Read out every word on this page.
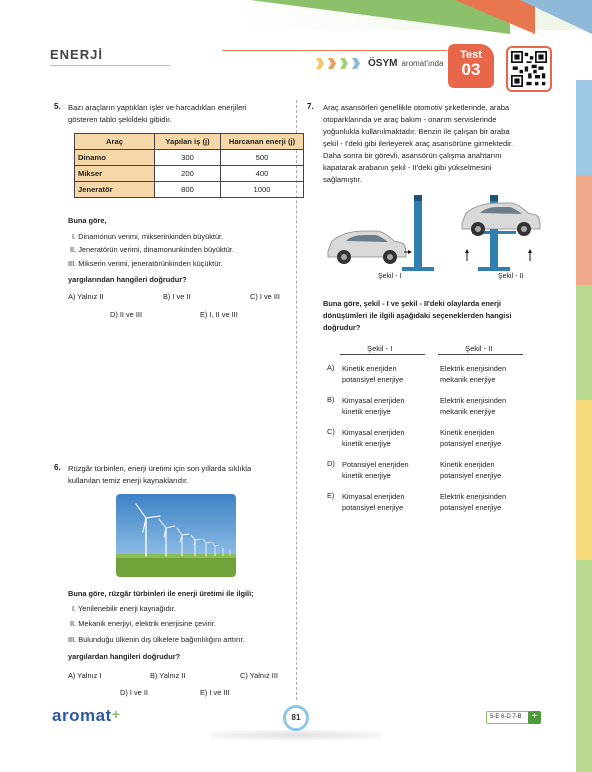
ENERJİ
ÖSYM aromat'ında
Test
03
5. Bazı araçların yaptıkları işler ve harcadıkları enerjileri
gösteren tablo şekildeki gibidir.
Araç	Yapılan iş (j)	Harcanan enerji (j)
Dinamo	300	500
Mikser	200	400
Jeneratör	800	1000
Buna göre,
I. Dinamonun verimi, mikserinkinden büyüktür.
II. Jeneratörün verimi, dinamonunkinden büyüktür.
III. Mikserin verimi, jeneratörünkinden küçüktür.
yargılarından hangileri doğrudur?
A) Yalnız II	B) I ve II	C) I ve III
D) II ve III	E) I, II ve III
6. Rüzgâr türbinleri, enerji üretimi için son yıllarda sıklıkla
kullanılan temiz enerji kaynaklarıdır.
Buna göre, rüzgâr türbinleri ile enerji üretimi ile ilgili;
I. Yenilenebilir enerji kaynağıdır.
II. Mekanik enerjiyi, elektrik enerjisine çevirir.
III. Bulunduğu ülkenin dış ülkelere bağımlılığını arttırır.
yargılardan hangileri doğrudur?
A) Yalnız I	B) Yalnız II	C) Yalnız III
D) I ve II	E) I ve III
7. Araç asansörleri genellikle otomotiv şirketlerinde, araba
otoparklarında ve araç bakım - onarım servislerinde
yoğunlukla kullanılmaktadır. Benzin ile çalışan bir araba
şekil - I'deki gibi ilerleyerek araç asansörüne girmektedir.
Daha sonra bir görevli, asansörün çalışma anahtarını
kapatarak arabanın şekil - II'deki gibi yükselmesini
sağlamıştır.
Şekil - I	Şekil - II
Buna göre, şekil - I ve şekil - II'deki olaylarda enerji
dönüşümleri ile ilgili aşağıdaki seçeneklerden hangisi
doğrudur?
Şekil - I	Şekil - II
A) Kinetik enerjiden
potansiyel enerjiye
Elektrik enerjisinden
mekanik enerjiye
B) Kimyasal enerjiden
kinetik enerjiye
Elektrik enerjisinden
mekanik enerjiye
C) Kimyasal enerjiden
kinetik enerjiye
Kinetik enerjiden
potansiyel enerjiye
D) Potansiyel enerjiden
kinetik enerjiye
Kinetik enerjiden
potansiyel enerjiye
E) Kimyasal enerjiden
potansiyel enerjiye
Elektrik enerjisinden
potansiyel enerjiye
aromat+	81	5-E 6-D 7-B +
